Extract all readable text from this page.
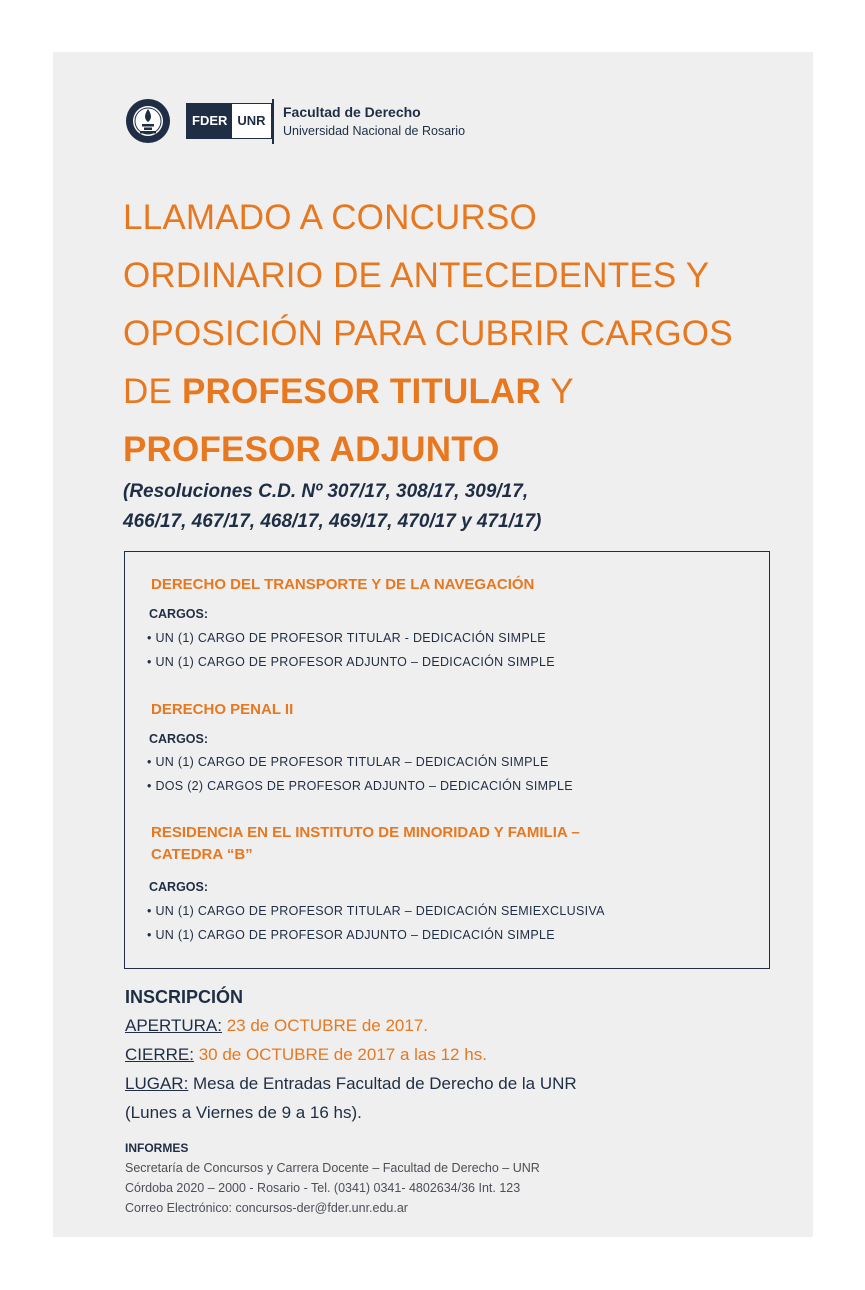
FDER UNR
Facultad de Derecho
Universidad Nacional de Rosario
LLAMADO A CONCURSO
ORDINARIO DE ANTECEDENTES Y
OPOSICIÓN PARA CUBRIR CARGOS
DE PROFESOR TITULAR Y
PROFESOR ADJUNTO
(Resoluciones C.D. Nº 307/17, 308/17, 309/17,
466/17, 467/17, 468/17, 469/17, 470/17 y 471/17)
DERECHO DEL TRANSPORTE Y DE LA NAVEGACIÓN
CARGOS:
• UN (1) CARGO DE PROFESOR TITULAR - DEDICACIÓN SIMPLE
• UN (1) CARGO DE PROFESOR ADJUNTO – DEDICACIÓN SIMPLE
DERECHO PENAL II
CARGOS:
• UN (1) CARGO DE PROFESOR TITULAR – DEDICACIÓN SIMPLE
• DOS (2) CARGOS DE PROFESOR ADJUNTO – DEDICACIÓN SIMPLE
RESIDENCIA EN EL INSTITUTO DE MINORIDAD Y FAMILIA –
CATEDRA “B”
CARGOS:
• UN (1) CARGO DE PROFESOR TITULAR – DEDICACIÓN SEMIEXCLUSIVA
• UN (1) CARGO DE PROFESOR ADJUNTO – DEDICACIÓN SIMPLE
INSCRIPCIÓN
APERTURA: 23 de OCTUBRE de 2017.
CIERRE: 30 de OCTUBRE de 2017 a las 12 hs.
LUGAR: Mesa de Entradas Facultad de Derecho de la UNR
(Lunes a Viernes de 9 a 16 hs).
INFORMES
Secretaría de Concursos y Carrera Docente – Facultad de Derecho – UNR
Córdoba 2020 – 2000 - Rosario - Tel. (0341) 0341- 4802634/36 Int. 123
Correo Electrónico: concursos-der@fder.unr.edu.ar
